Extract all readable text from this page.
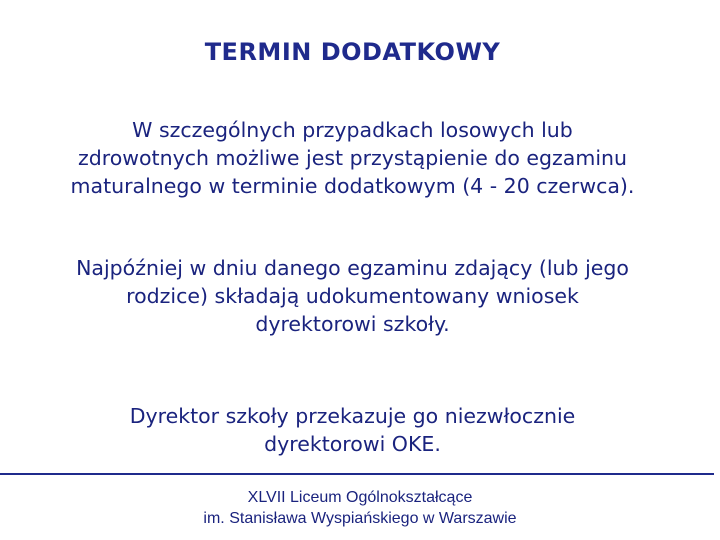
TERMIN DODATKOWY
W szczególnych przypadkach losowych lub
zdrowotnych możliwe jest przystąpienie do egzaminu
maturalnego w terminie dodatkowym (4 - 20 czerwca).
Najpóźniej w dniu danego egzaminu zdający (lub jego
rodzice) składają udokumentowany wniosek
dyrektorowi szkoły.
Dyrektor szkoły przekazuje go niezwłocznie
dyrektorowi OKE.
XLVII Liceum Ogólnokształcące
im. Stanisława Wyspiańskiego w Warszawie
